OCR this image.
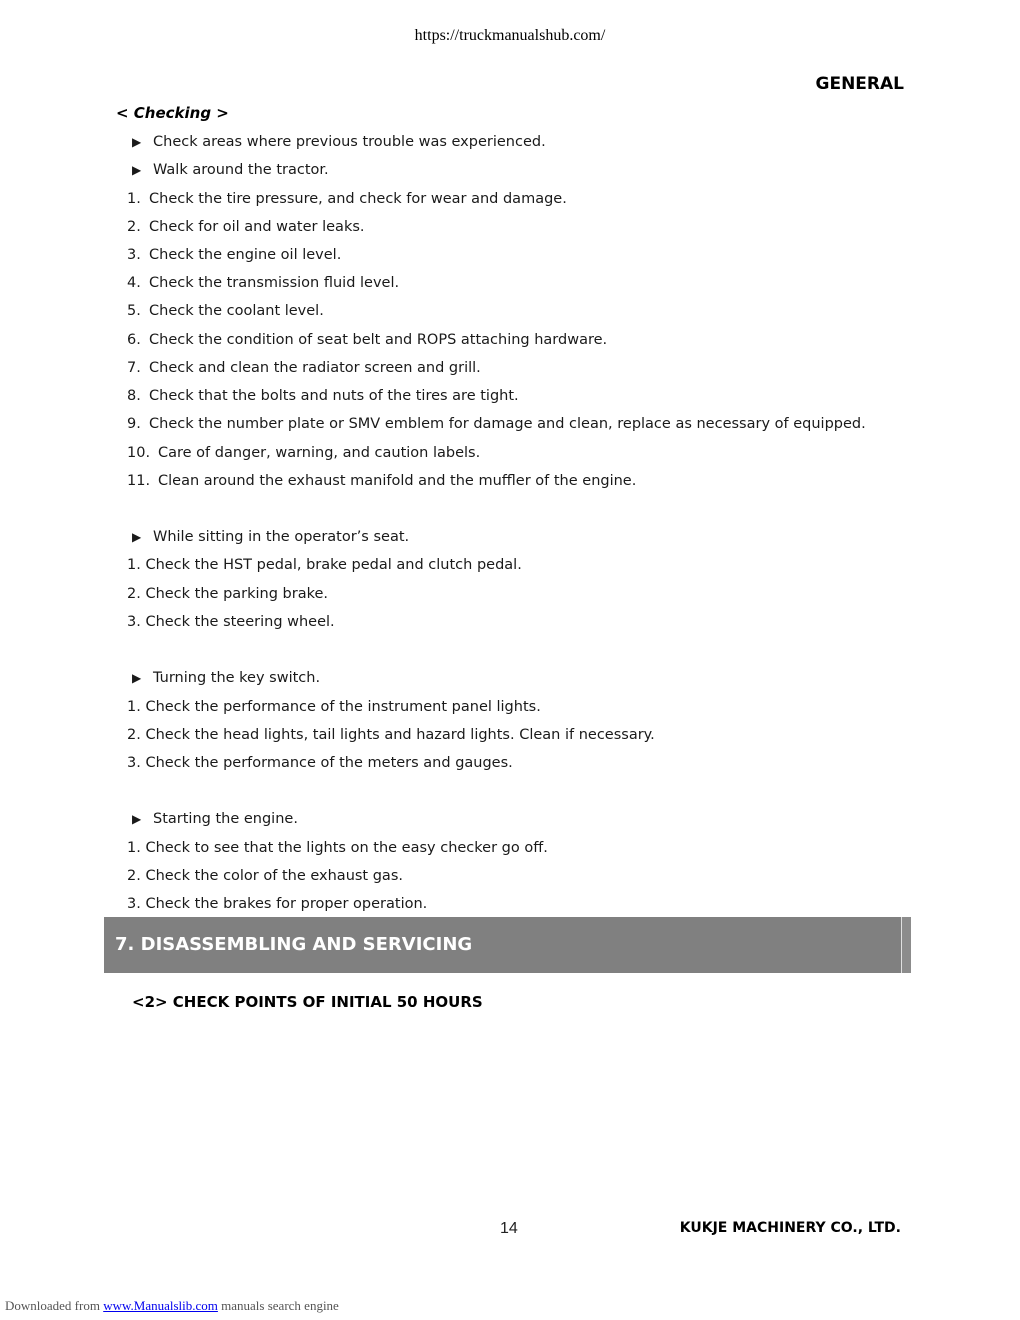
https://truckmanualshub.com/
GENERAL
< Checking >
▶ Check areas where previous trouble was experienced.
▶ Walk around the tractor.
1. Check the tire pressure, and check for wear and damage.
2. Check for oil and water leaks.
3. Check the engine oil level.
4. Check the transmission fluid level.
5. Check the coolant level.
6. Check the condition of seat belt and ROPS attaching hardware.
7. Check and clean the radiator screen and grill.
8. Check that the bolts and nuts of the tires are tight.
9. Check the number plate or SMV emblem for damage and clean, replace as necessary of equipped.
10. Care of danger, warning, and caution labels.
11. Clean around the exhaust manifold and the muffler of the engine.
▶ While sitting in the operator’s seat.
1. Check the HST pedal, brake pedal and clutch pedal.
2. Check the parking brake.
3. Check the steering wheel.
▶ Turning the key switch.
1. Check the performance of the instrument panel lights.
2. Check the head lights, tail lights and hazard lights. Clean if necessary.
3. Check the performance of the meters and gauges.
▶ Starting the engine.
1. Check to see that the lights on the easy checker go off.
2. Check the color of the exhaust gas.
3. Check the brakes for proper operation.
7. DISASSEMBLING AND SERVICING
<2> CHECK POINTS OF INITIAL 50 HOURS
14	KUKJE MACHINERY CO., LTD.
Downloaded from www.Manualslib.com manuals search engine
